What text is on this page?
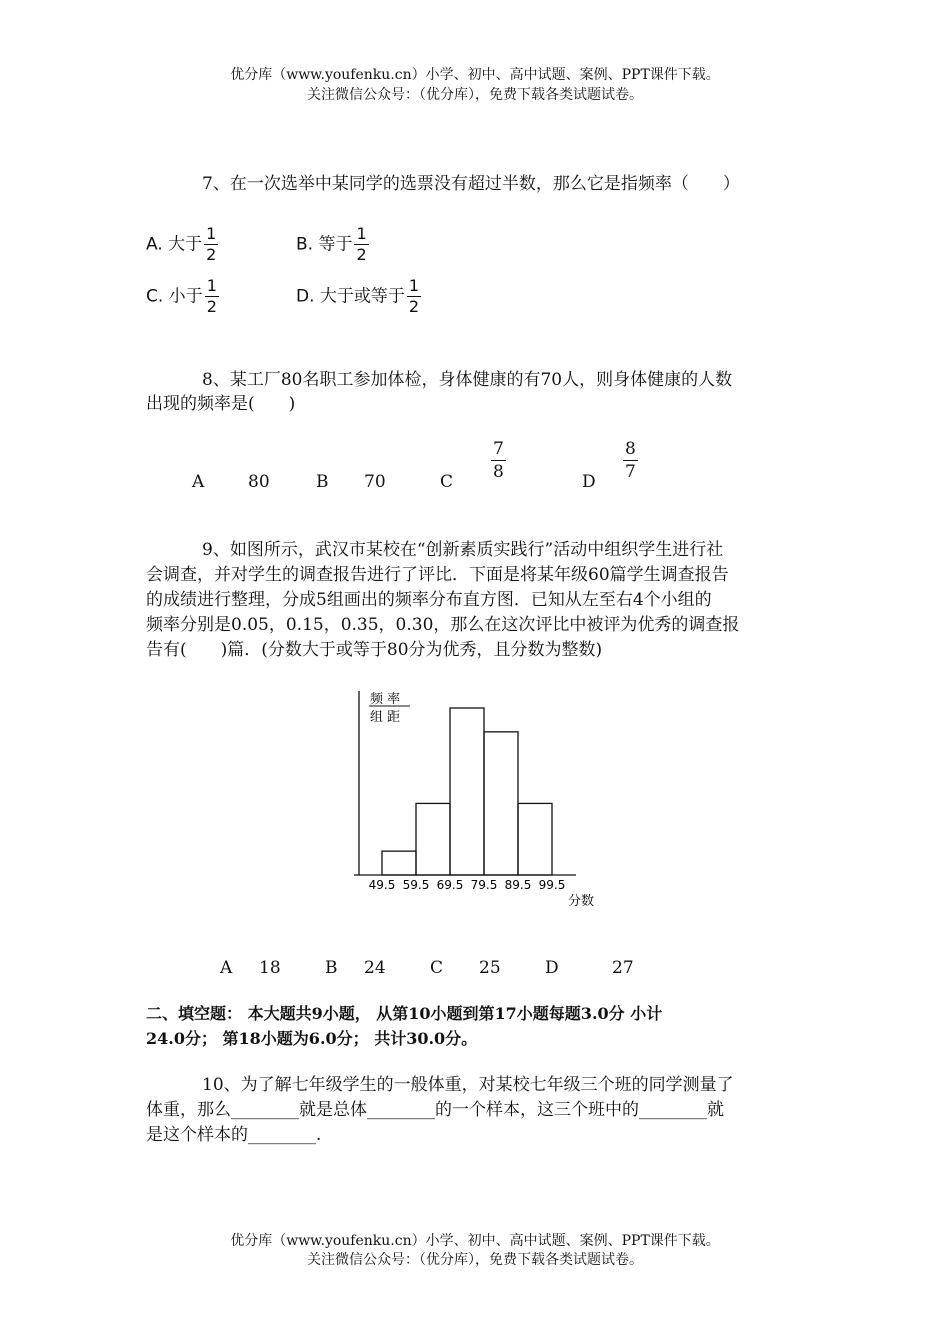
优分库（www.youfenku.cn）小学、初中、高中试题、案例、PPT课件下载。
关注微信公众号：（优分库），免费下载各类试题试卷。
7、在一次选举中某同学的选票没有超过半数，那么它是指频率（　　）
A. 大于 $\frac{1}{2}$	B. 等于 $\frac{1}{2}$
C. 小于 $\frac{1}{2}$	D. 大于或等于 $\frac{1}{2}$
8、某工厂80名职工参加体检，身体健康的有70人，则身体健康的人数
出现的频率是(　　)
A	80	B 70	C $\frac{7}{8}$	D $\frac{8}{7}$
9、如图所示，武汉市某校在“创新素质实践行”活动中组织学生进行社
会调查，并对学生的调查报告进行了评比．下面是将某年级60篇学生调查报告
的成绩进行整理，分成5组画出的频率分布直方图．已知从左至右4个小组的
频率分别是0.05，0.15，0.35，0.30，那么在这次评比中被评为优秀的调查报
告有(　　)篇．(分数大于或等于80分为优秀，且分数为整数)
频 率
组 距
分数
49.5 59.5 69.5 79.5 89.5 99.5
A 18	B 24	C 25	D	27
二、填空题： 本大题共9小题， 从第10小题到第17小题每题3.0分 小计
24.0分； 第18小题为6.0分； 共计30.0分。
10、为了解七年级学生的一般体重，对某校七年级三个班的同学测量了
体重，那么________就是总体________的一个样本，这三个班中的________就
是这个样本的________.
优分库（www.youfenku.cn）小学、初中、高中试题、案例、PPT课件下载。
关注微信公众号：（优分库），免费下载各类试题试卷。
